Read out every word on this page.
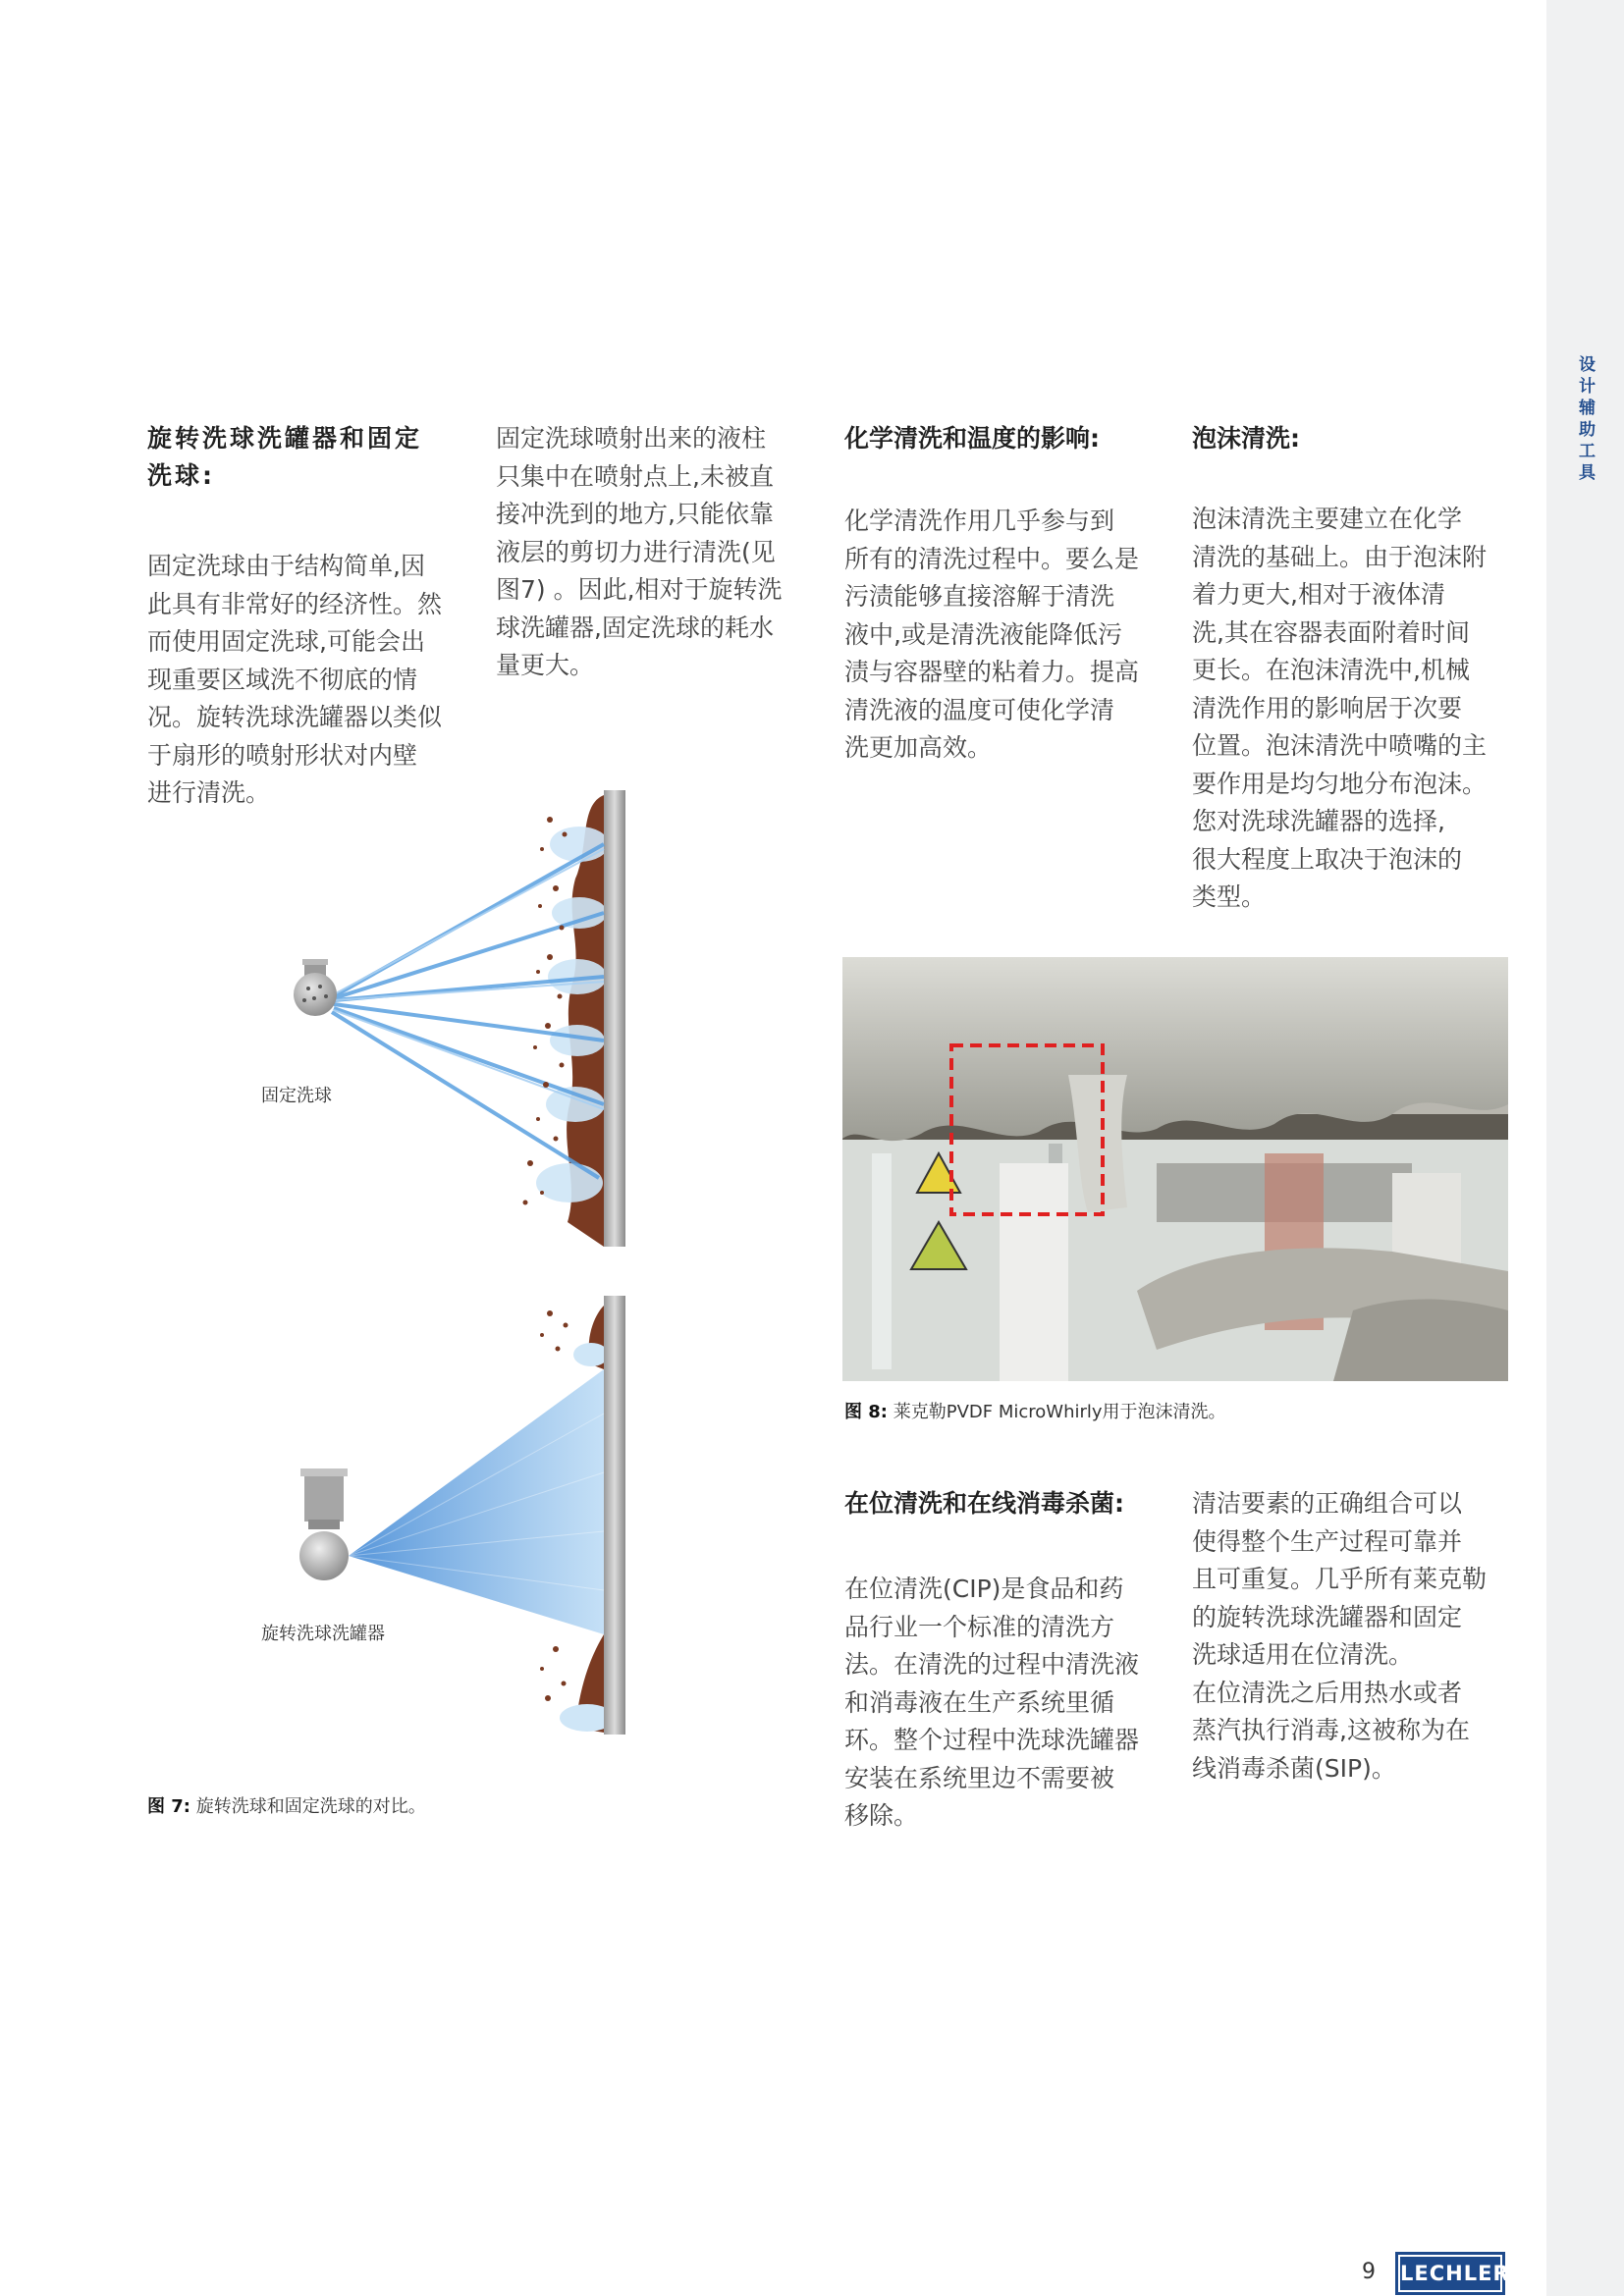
设计辅助工具
旋转洗球洗罐器和固定
洗球:

固定洗球由于结构简单,因

此具有非常好的经济性。然

而使用固定洗球,可能会出

现重要区域洗不彻底的情

况。旋转洗球洗罐器以类似

于扇形的喷射形状对内壁

进行清洗。

固定洗球喷射出来的液柱

只集中在喷射点上,未被直

接冲洗到的地方,只能依靠

液层的剪切力进行清洗(见

图7) 。因此,相对于旋转洗

球洗罐器,固定洗球的耗水

量更大。

化学清洗和温度的影响:

化学清洗作用几乎参与到

所有的清洗过程中。要么是

污渍能够直接溶解于清洗

液中,或是清洗液能降低污

渍与容器壁的粘着力。提高

清洗液的温度可使化学清

洗更加高效。

泡沫清洗:

泡沫清洗主要建立在化学

清洗的基础上。由于泡沫附

着力更大,相对于液体清

洗,其在容器表面附着时间

更长。在泡沫清洗中,机械

清洗作用的影响居于次要

位置。泡沫清洗中喷嘴的主

要作用是均匀地分布泡沫。

您对洗球洗罐器的选择,

很大程度上取决于泡沫的

类型。

固定洗球
旋转洗球洗罐器
图 7: 旋转洗球和固定洗球的对比。
图 8: 莱克勒PVDF MicroWhirly用于泡沫清洗。
在位清洗和在线消毒杀菌:

在位清洗(CIP)是食品和药

品行业一个标准的清洗方

法。在清洗的过程中清洗液

和消毒液在生产系统里循

环。整个过程中洗球洗罐器

安装在系统里边不需要被

移除。

清洁要素的正确组合可以

使得整个生产过程可靠并

且可重复。几乎所有莱克勒

的旋转洗球洗罐器和固定

洗球适用在位清洗。

在位清洗之后用热水或者

蒸汽执行消毒,这被称为在

线消毒杀菌(SIP)。

9 LECHLER
